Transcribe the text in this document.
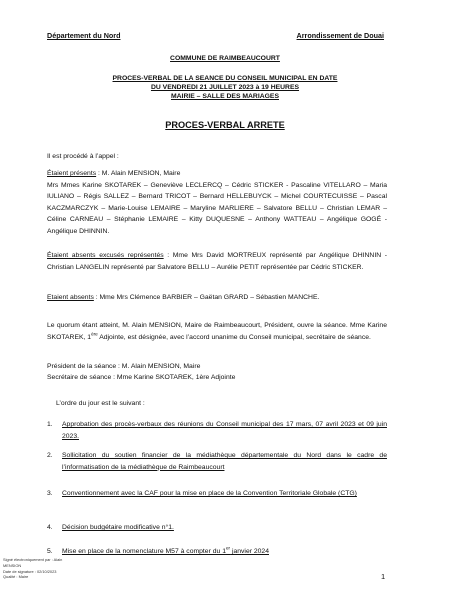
Département du Nord	Arrondissement de Douai
COMMUNE DE RAIMBEAUCOURT
PROCES-VERBAL DE LA SEANCE DU CONSEIL MUNICIPAL EN DATE
DU VENDREDI 21 JUILLET 2023 à 19 HEURES
MAIRIE – SALLE DES MARIAGES
PROCES-VERBAL ARRETE
Il est procédé à l’appel :
Étaient présents : M. Alain MENSION, Maire
Mrs Mmes Karine SKOTAREK – Geneviève LECLERCQ – Cédric STICKER - Pascaline VITELLARO – Maria IULIANO – Régis SALLEZ – Bernard TRICOT – Bernard HELLEBUYCK – Michel COURTECUISSE – Pascal KACZMARCZYK – Marie-Louise LEMAIRE – Maryline MARLIERE – Salvatore BELLU – Christian LEMAR – Céline CARNEAU – Stéphanie LEMAIRE – Kitty DUQUESNE – Anthony WATTEAU – Angélique GOGÉ -Angélique DHINNIN.
Étaient absents excusés représentés : Mme Mrs David MORTREUX représenté par Angélique DHINNIN - Christian LANGELIN représenté par Salvatore BELLU – Aurélie PETIT représentée par Cédric STICKER.
Etaient absents : Mme Mrs Clémence BARBIER – Gaëtan GRARD – Sébastien MANCHE.
Le quorum étant atteint, M. Alain MENSION, Maire de Raimbeaucourt, Président, ouvre la séance. Mme Karine SKOTAREK, 1ère Adjointe, est désignée, avec l’accord unanime du Conseil municipal, secrétaire de séance.
Président de la séance : M. Alain MENSION, Maire
Secrétaire de séance : Mme Karine SKOTAREK, 1ère Adjointe
L’ordre du jour est le suivant :
1.	Approbation des procès-verbaux des réunions du Conseil municipal des 17 mars, 07 avril 2023 et 09 juin 2023.
2.	Sollicitation du soutien financier de la médiathèque départementale du Nord dans le cadre de l’informatisation de la médiathèque de Raimbeaucourt
3.	Conventionnement avec la CAF pour la mise en place de la Convention Territoriale Globale (CTG)
4.	Décision budgétaire modificative n°1.
5.	Mise en place de la nomenclature M57 à compter du 1er janvier 2024
Signé électroniquement par : Alain
MENSION
Date de signature : 02/10/2023
Qualité : Maire	1
